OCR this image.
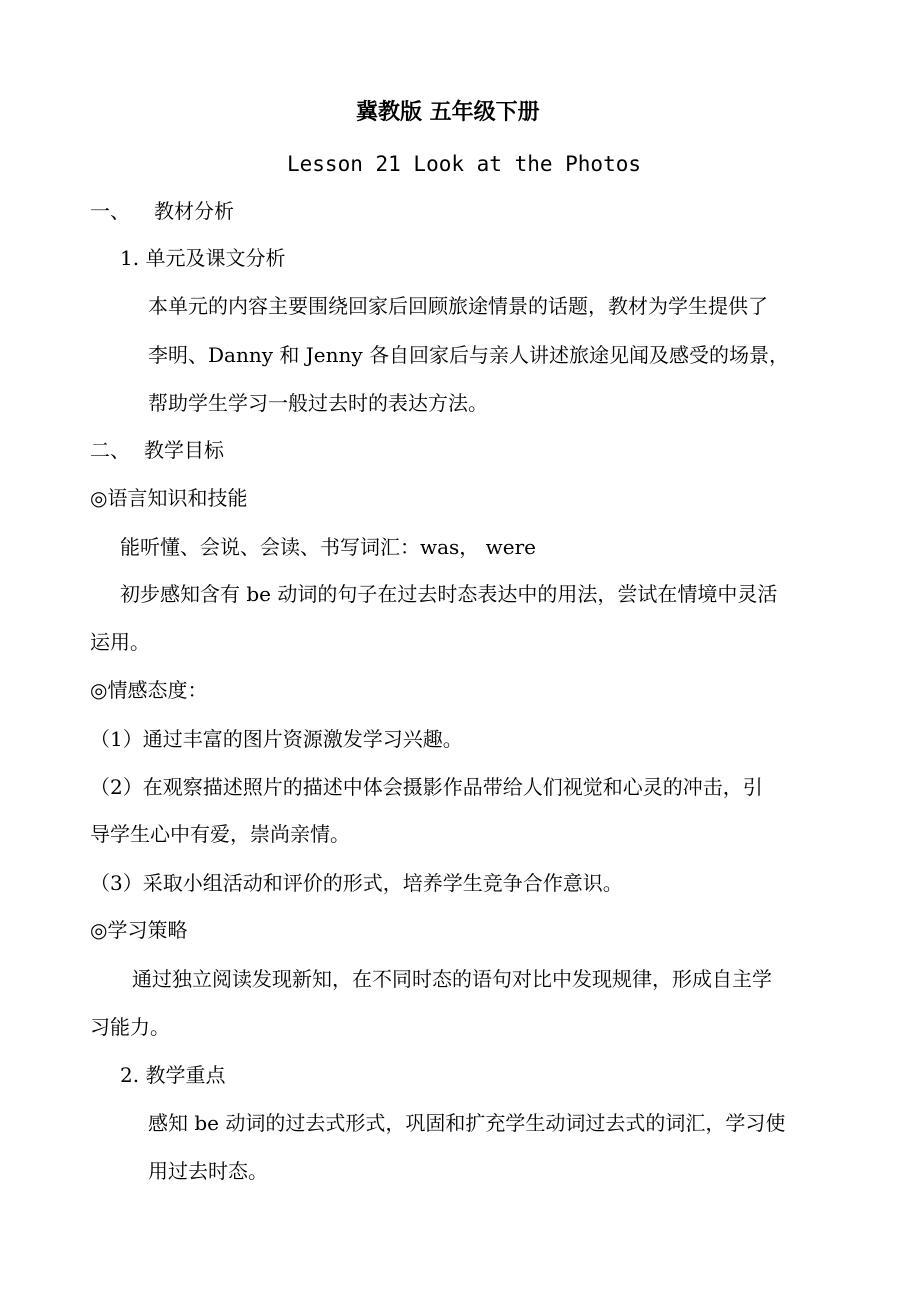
冀教版 五年级下册
Lesson 21 Look at the Photos
一、 教材分析
1. 单元及课文分析
本单元的内容主要围绕回家后回顾旅途情景的话题，教材为学生提供了
李明、Danny 和 Jenny 各自回家后与亲人讲述旅途见闻及感受的场景，
帮助学生学习一般过去时的表达方法。
二、 教学目标
◎语言知识和技能
能听懂、会说、会读、书写词汇：was， were
初步感知含有 be 动词的句子在过去时态表达中的用法，尝试在情境中灵活
运用。
◎情感态度：
（1）通过丰富的图片资源激发学习兴趣。
（2）在观察描述照片的描述中体会摄影作品带给人们视觉和心灵的冲击，引
导学生心中有爱，崇尚亲情。
（3）采取小组活动和评价的形式，培养学生竞争合作意识。
◎学习策略
通过独立阅读发现新知，在不同时态的语句对比中发现规律，形成自主学
习能力。
2. 教学重点
感知 be 动词的过去式形式，巩固和扩充学生动词过去式的词汇，学习使
用过去时态。
